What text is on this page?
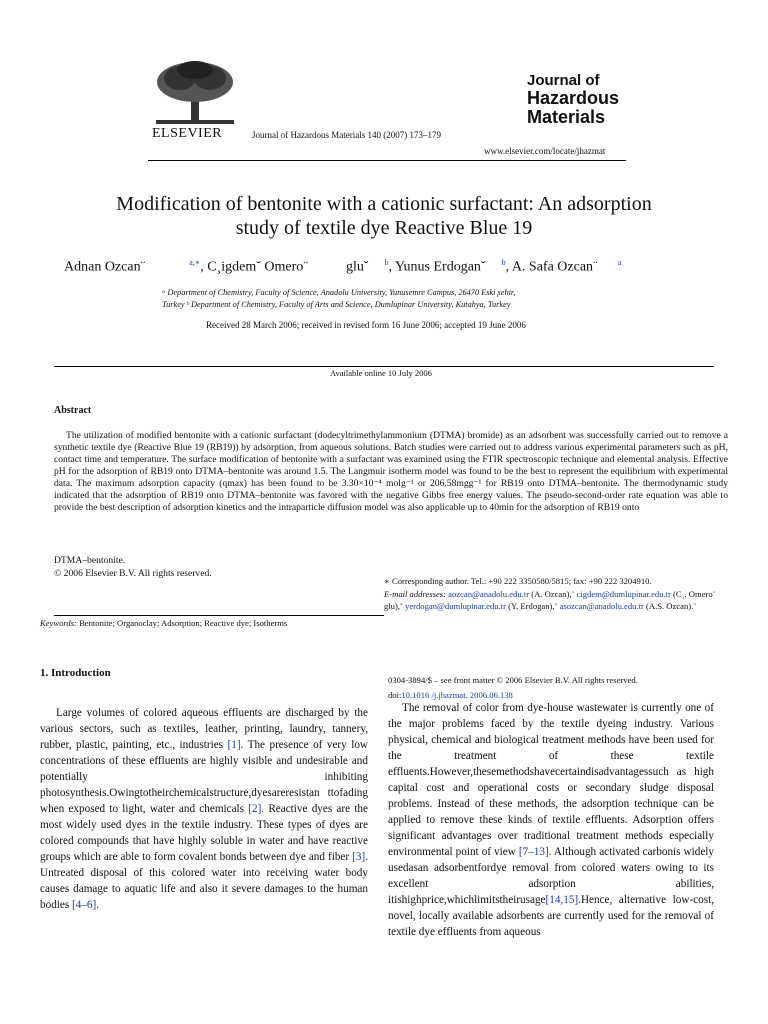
ELSEVIER	Journal of Hazardous Materials 140 (2007) 173–179
Journal of
Hazardous
Materials
www.elsevier.com/locate/jhazmat
Modification of bentonite with a cationic surfactant: An adsorption
study of textile dye Reactive Blue 19
Adnan Ozcan¨	$^{a,∗}$, C¸igdem˘ Omero¨	glu˘ $^b$, Yunus Erdogan˘ $^b$, A. Safa Ozcan¨	$^a$
ᵃ Department of Chemistry, Faculty of Science, Anadolu University, Yunusemre Campus, 26470 Eski ̧sehir,
Turkey ᵇ Department of Chemistry, Faculty of Arts and Science, Dumlupinar University, Kutahya, Turkey
Received 28 March 2006; received in revised form 16 June 2006; accepted 19 June 2006
Available online 10 July 2006
Abstract
The utilization of modified bentonite with a cationic surfactant (dodecyltrimethylammonium (DTMA) bromide) as an adsorbent was successfully carried out to remove a synthetic textile dye (Reactive Blue 19 (RB19)) by adsorption, from aqueous solutions. Batch studies were carried out to address various experimental parameters such as pH, contact time and temperature. The surface modification of bentonite with a surfactant was examined using the FTIR spectroscopic technique and elemental analysis. Effective pH for the adsorption of RB19 onto DTMA–bentonite was around 1.5. The Langmuir isotherm model was found to be the best to represent the equilibrium with experimental data. The maximum adsorption capacity (qmax) has been found to be 3.30×10⁻⁴ molg⁻¹ or 206.58mgg⁻¹ for RB19 onto DTMA–bentonite. The thermodynamic study indicated that the adsorption of RB19 onto DTMA–bentonite was favored with the negative Gibbs free energy values. The pseudo-second-order rate equation was able to provide the best description of adsorption kinetics and the intraparticle diffusion model was also applicable up to 40min for the adsorption of RB19 onto
DTMA–bentonite.
© 2006 Elsevier B.V. All rights reserved.
∗ Corresponding author. Tel.: +90 222 3350580/5815; fax: +90 222 3204910.
E-mail addresses: aozcan@anadolu.edu.tr (A. Ozcan),¨ cigdem@dumlupinar.edu.tr (C¸. Omero¨ glu),˘ yerdogan@dumlupinar.edu.tr (Y. Erdogan),˘ asozcan@anadolu.edu.tr (A.S. Ozcan).¨
Keywords: Bentonite; Organoclay; Adsorption; Reactive dye; Isotherms
0304-3894/$ – see front matter © 2006 Elsevier B.V. All rights reserved.
doi:10.1016 /j.jhazmat. 2006.06.138
1. Introduction
Large volumes of colored aqueous effluents are discharged by the various sectors, such as textiles, leather, printing, laundry, tannery, rubber, plastic, painting, etc., industries [1]. The presence of very low concentrations of these effluents are highly visible and undesirable and potentially inhibiting photosynthesis.Owingtotheirchemicalstructure,dyesareresistan ttofading when exposed to light, water and chemicals [2]. Reactive dyes are the most widely used dyes in the textile industry. These types of dyes are colored compounds that have highly soluble in water and have reactive groups which are able to form covalent bonds between dye and fiber [3]. Untreated disposal of this colored water into receiving water body causes damage to aquatic life and also it severe damages to the human bodies [4–6].
The removal of color from dye-house wastewater is currently one of the major problems faced by the textile dyeing industry. Various physical, chemical and biological treatment methods have been used for the treatment of these textile effluents.However,thesemethodshavecertaindisadvantagessuch as high capital cost and operational costs or secondary sludge disposal problems. Instead of these methods, the adsorption technique can be applied to remove these kinds of textile effluents. Adsorption offers significant advantages over traditional treatment methods especially environmental point of view [7–13]. Although activated carbonis widely usedasan adsorbentfordye removal from colored waters owing to its excellent adsorption abilities, itishighprice,whichlimitstheirusage[14,15].Hence, alternative low-cost, novel, locally available adsorbents are currently used for the removal of textile dye effluents from aqueous
